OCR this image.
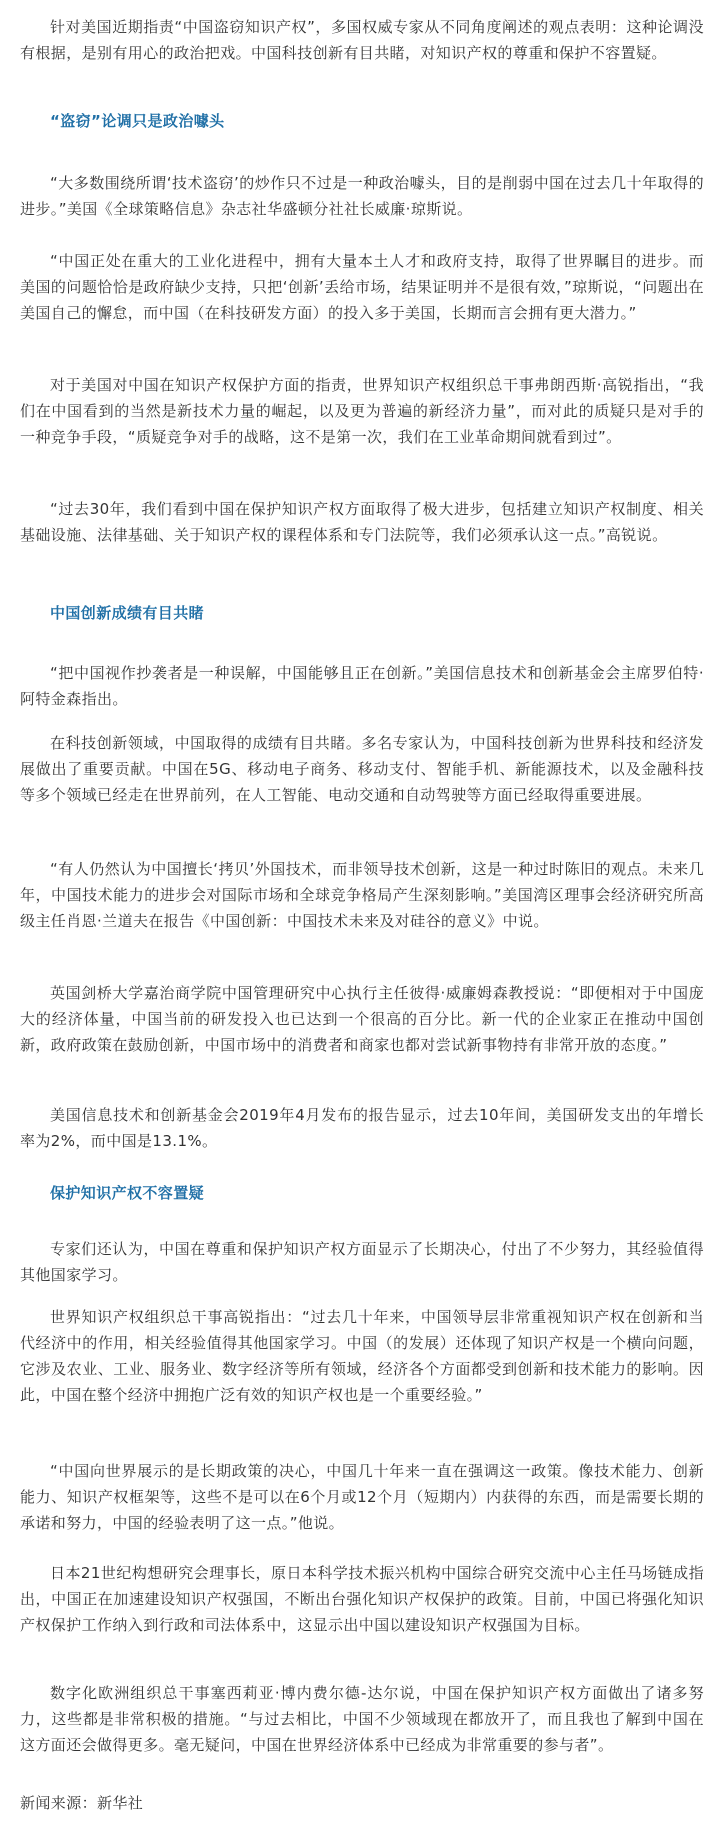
针对美国近期指责“中国盗窃知识产权”，多国权威专家从不同角度阐述的观点表明：这种论调没有根据，是别有用心的政治把戏。中国科技创新有目共睹，对知识产权的尊重和保护不容置疑。

“盗窃”论调只是政治噱头

“大多数围绕所谓‘技术盗窃’的炒作只不过是一种政治噱头，目的是削弱中国在过去几十年取得的进步。”美国《全球策略信息》杂志社华盛顿分社社长威廉·琼斯说。

“中国正处在重大的工业化进程中，拥有大量本土人才和政府支持，取得了世界瞩目的进步。而美国的问题恰恰是政府缺少支持，只把‘创新’丢给市场，结果证明并不是很有效，”琼斯说，“问题出在美国自己的懈怠，而中国（在科技研发方面）的投入多于美国，长期而言会拥有更大潜力。”

对于美国对中国在知识产权保护方面的指责，世界知识产权组织总干事弗朗西斯·高锐指出，“我们在中国看到的当然是新技术力量的崛起，以及更为普遍的新经济力量”，而对此的质疑只是对手的一种竞争手段，“质疑竞争对手的战略，这不是第一次，我们在工业革命期间就看到过”。

“过去30年，我们看到中国在保护知识产权方面取得了极大进步，包括建立知识产权制度、相关基础设施、法律基础、关于知识产权的课程体系和专门法院等，我们必须承认这一点。”高锐说。

中国创新成绩有目共睹

“把中国视作抄袭者是一种误解，中国能够且正在创新。”美国信息技术和创新基金会主席罗伯特·阿特金森指出。

在科技创新领域，中国取得的成绩有目共睹。多名专家认为，中国科技创新为世界科技和经济发展做出了重要贡献。中国在5G、移动电子商务、移动支付、智能手机、新能源技术，以及金融科技等多个领域已经走在世界前列，在人工智能、电动交通和自动驾驶等方面已经取得重要进展。

“有人仍然认为中国擅长‘拷贝’外国技术，而非领导技术创新，这是一种过时陈旧的观点。未来几年，中国技术能力的进步会对国际市场和全球竞争格局产生深刻影响。”美国湾区理事会经济研究所高级主任肖恩·兰道夫在报告《中国创新：中国技术未来及对硅谷的意义》中说。

英国剑桥大学嘉治商学院中国管理研究中心执行主任彼得·威廉姆森教授说：“即便相对于中国庞大的经济体量，中国当前的研发投入也已达到一个很高的百分比。新一代的企业家正在推动中国创新，政府政策在鼓励创新，中国市场中的消费者和商家也都对尝试新事物持有非常开放的态度。”

美国信息技术和创新基金会2019年4月发布的报告显示，过去10年间，美国研发支出的年增长率为2%，而中国是13.1%。

保护知识产权不容置疑

专家们还认为，中国在尊重和保护知识产权方面显示了长期决心，付出了不少努力，其经验值得其他国家学习。

世界知识产权组织总干事高锐指出：“过去几十年来，中国领导层非常重视知识产权在创新和当代经济中的作用，相关经验值得其他国家学习。中国（的发展）还体现了知识产权是一个横向问题，它涉及农业、工业、服务业、数字经济等所有领域，经济各个方面都受到创新和技术能力的影响。因此，中国在整个经济中拥抱广泛有效的知识产权也是一个重要经验。”

“中国向世界展示的是长期政策的决心，中国几十年来一直在强调这一政策。像技术能力、创新能力、知识产权框架等，这些不是可以在6个月或12个月（短期内）内获得的东西，而是需要长期的承诺和努力，中国的经验表明了这一点。”他说。

日本21世纪构想研究会理事长，原日本科学技术振兴机构中国综合研究交流中心主任马场链成指出，中国正在加速建设知识产权强国，不断出台强化知识产权保护的政策。目前，中国已将强化知识产权保护工作纳入到行政和司法体系中，这显示出中国以建设知识产权强国为目标。

数字化欧洲组织总干事塞西莉亚·博内费尔德-达尔说，中国在保护知识产权方面做出了诸多努力，这些都是非常积极的措施。“与过去相比，中国不少领域现在都放开了，而且我也了解到中国在这方面还会做得更多。毫无疑问，中国在世界经济体系中已经成为非常重要的参与者”。

新闻来源：新华社
